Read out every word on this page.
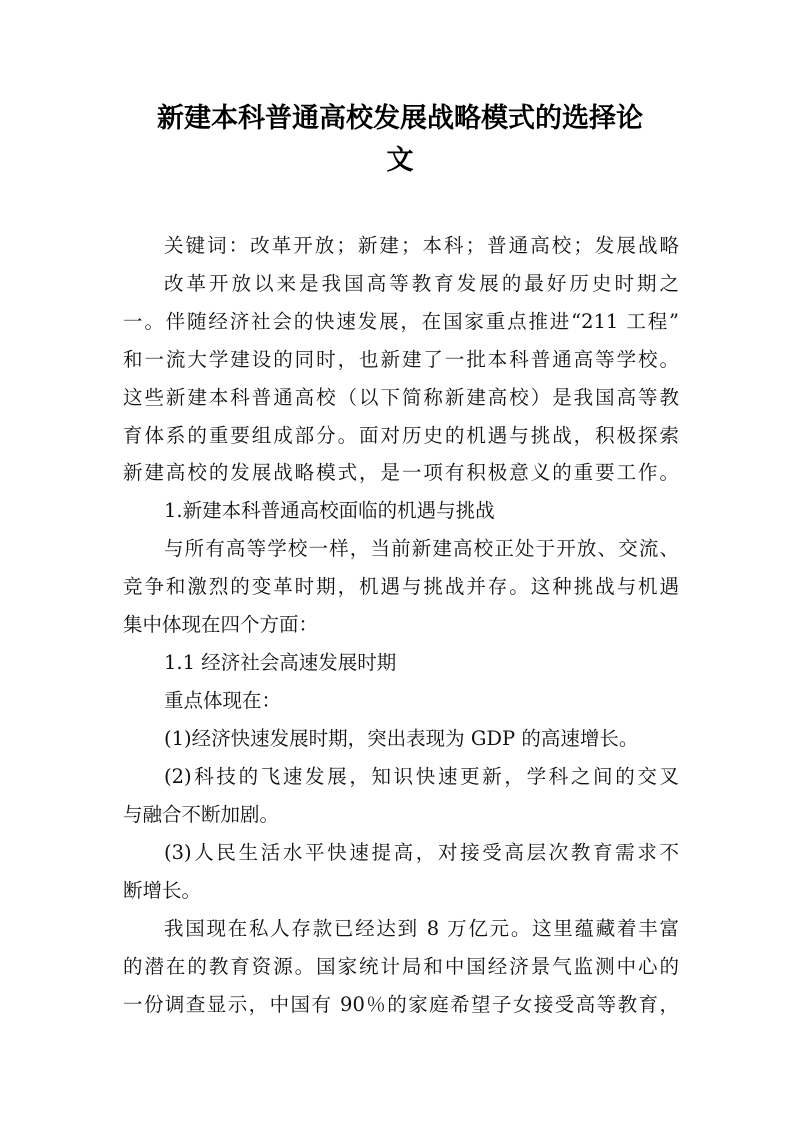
新建本科普通高校发展战略模式的选择论
文
关键词：改革开放；新建；本科；普通高校；发展战略
改革开放以来是我国高等教育发展的最好历史时期之
一。伴随经济社会的快速发展，在国家重点推进“211 工程”
和一流大学建设的同时，也新建了一批本科普通高等学校。
这些新建本科普通高校（以下简称新建高校）是我国高等教
育体系的重要组成部分。面对历史的机遇与挑战，积极探索
新建高校的发展战略模式，是一项有积极意义的重要工作。
1.新建本科普通高校面临的机遇与挑战
与所有高等学校一样，当前新建高校正处于开放、交流、
竞争和激烈的变革时期，机遇与挑战并存。这种挑战与机遇
集中体现在四个方面：
1.1 经济社会高速发展时期
重点体现在：
(1)经济快速发展时期，突出表现为 GDP 的高速增长。
(2)科技的飞速发展，知识快速更新，学科之间的交叉
与融合不断加剧。
(3)人民生活水平快速提高，对接受高层次教育需求不
断增长。
我国现在私人存款已经达到 8 万亿元。这里蕴藏着丰富
的潜在的教育资源。国家统计局和中国经济景气监测中心的
一份调查显示，中国有 90％的家庭希望子女接受高等教育，
